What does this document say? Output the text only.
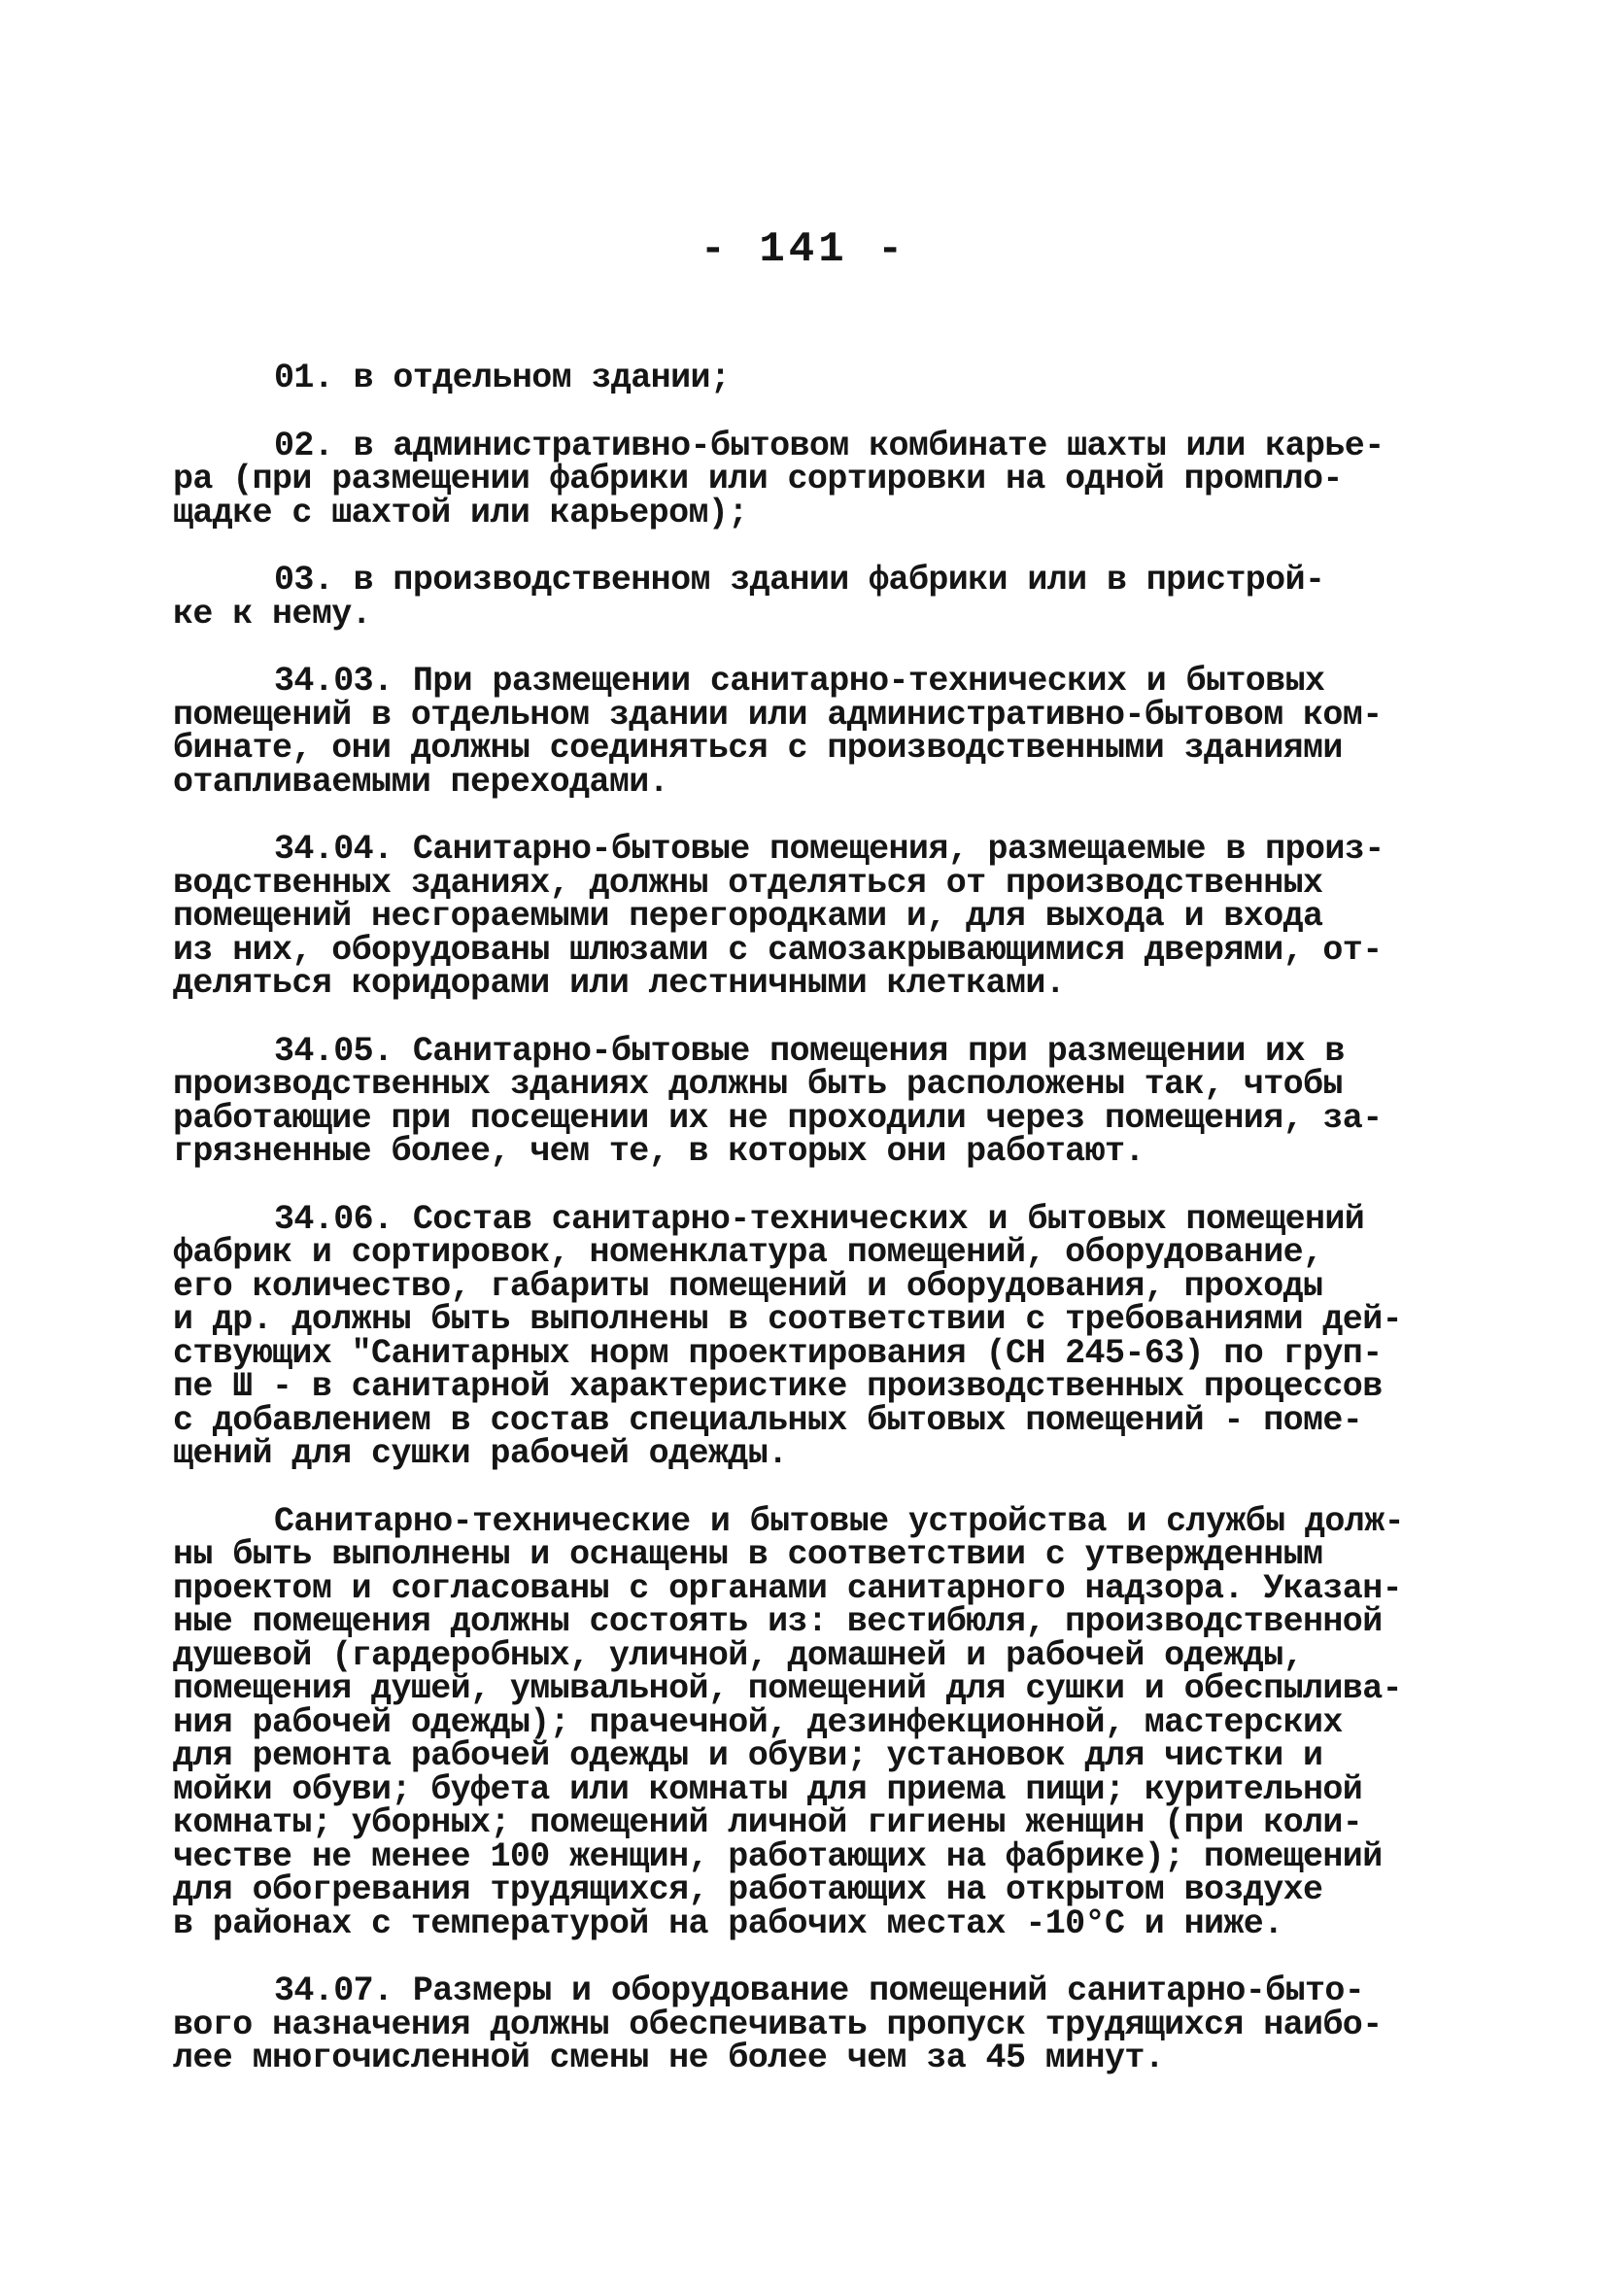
- 141 -

01. в отдельном здании;

02. в административно-бытовом комбинате шахты или карье-
ра (при размещении фабрики или сортировки на одной промпло-
щадке с шахтой или карьером);

03. в производственном здании фабрики или в пристрой-
ке к нему.

34.03. При размещении санитарно-технических и бытовых
помещений в отдельном здании или административно-бытовом ком-
бинате, они должны соединяться с производственными зданиями
отапливаемыми переходами.

34.04. Санитарно-бытовые помещения, размещаемые в произ-
водственных зданиях, должны отделяться от производственных
помещений несгораемыми перегородками и, для выхода и входа
из них, оборудованы шлюзами с самозакрывающимися дверями, от-
деляться коридорами или лестничными клетками.

34.05. Санитарно-бытовые помещения при размещении их в
производственных зданиях должны быть расположены так, чтобы
работающие при посещении их не проходили через помещения, за-
грязненные более, чем те, в которых они работают.

34.06. Состав санитарно-технических и бытовых помещений
фабрик и сортировок, номенклатура помещений, оборудование,
его количество, габариты помещений и оборудования, проходы
и др. должны быть выполнены в соответствии с требованиями дей-
ствующих "Санитарных норм проектирования (СН 245-63) по груп-
пе Ш - в санитарной характеристике производственных процессов
с добавлением в состав специальных бытовых помещений - поме-
щений для сушки рабочей одежды.

Санитарно-технические и бытовые устройства и службы долж-
ны быть выполнены и оснащены в соответствии с утвержденным
проектом и согласованы с органами санитарного надзора. Указан-
ные помещения должны состоять из: вестибюля, производственной
душевой (гардеробных, уличной, домашней и рабочей одежды,
помещения душей, умывальной, помещений для сушки и обеспылива-
ния рабочей одежды); прачечной, дезинфекционной, мастерских
для ремонта рабочей одежды и обуви; установок для чистки и
мойки обуви; буфета или комнаты для приема пищи; курительной
комнаты; уборных; помещений личной гигиены женщин (при коли-
честве не менее 100 женщин, работающих на фабрике); помещений
для обогревания трудящихся, работающих на открытом воздухе
в районах с температурой на рабочих местах -10°С и ниже.

34.07. Размеры и оборудование помещений санитарно-быто-
вого назначения должны обеспечивать пропуск трудящихся наибо-
лее многочисленной смены не более чем за 45 минут.
